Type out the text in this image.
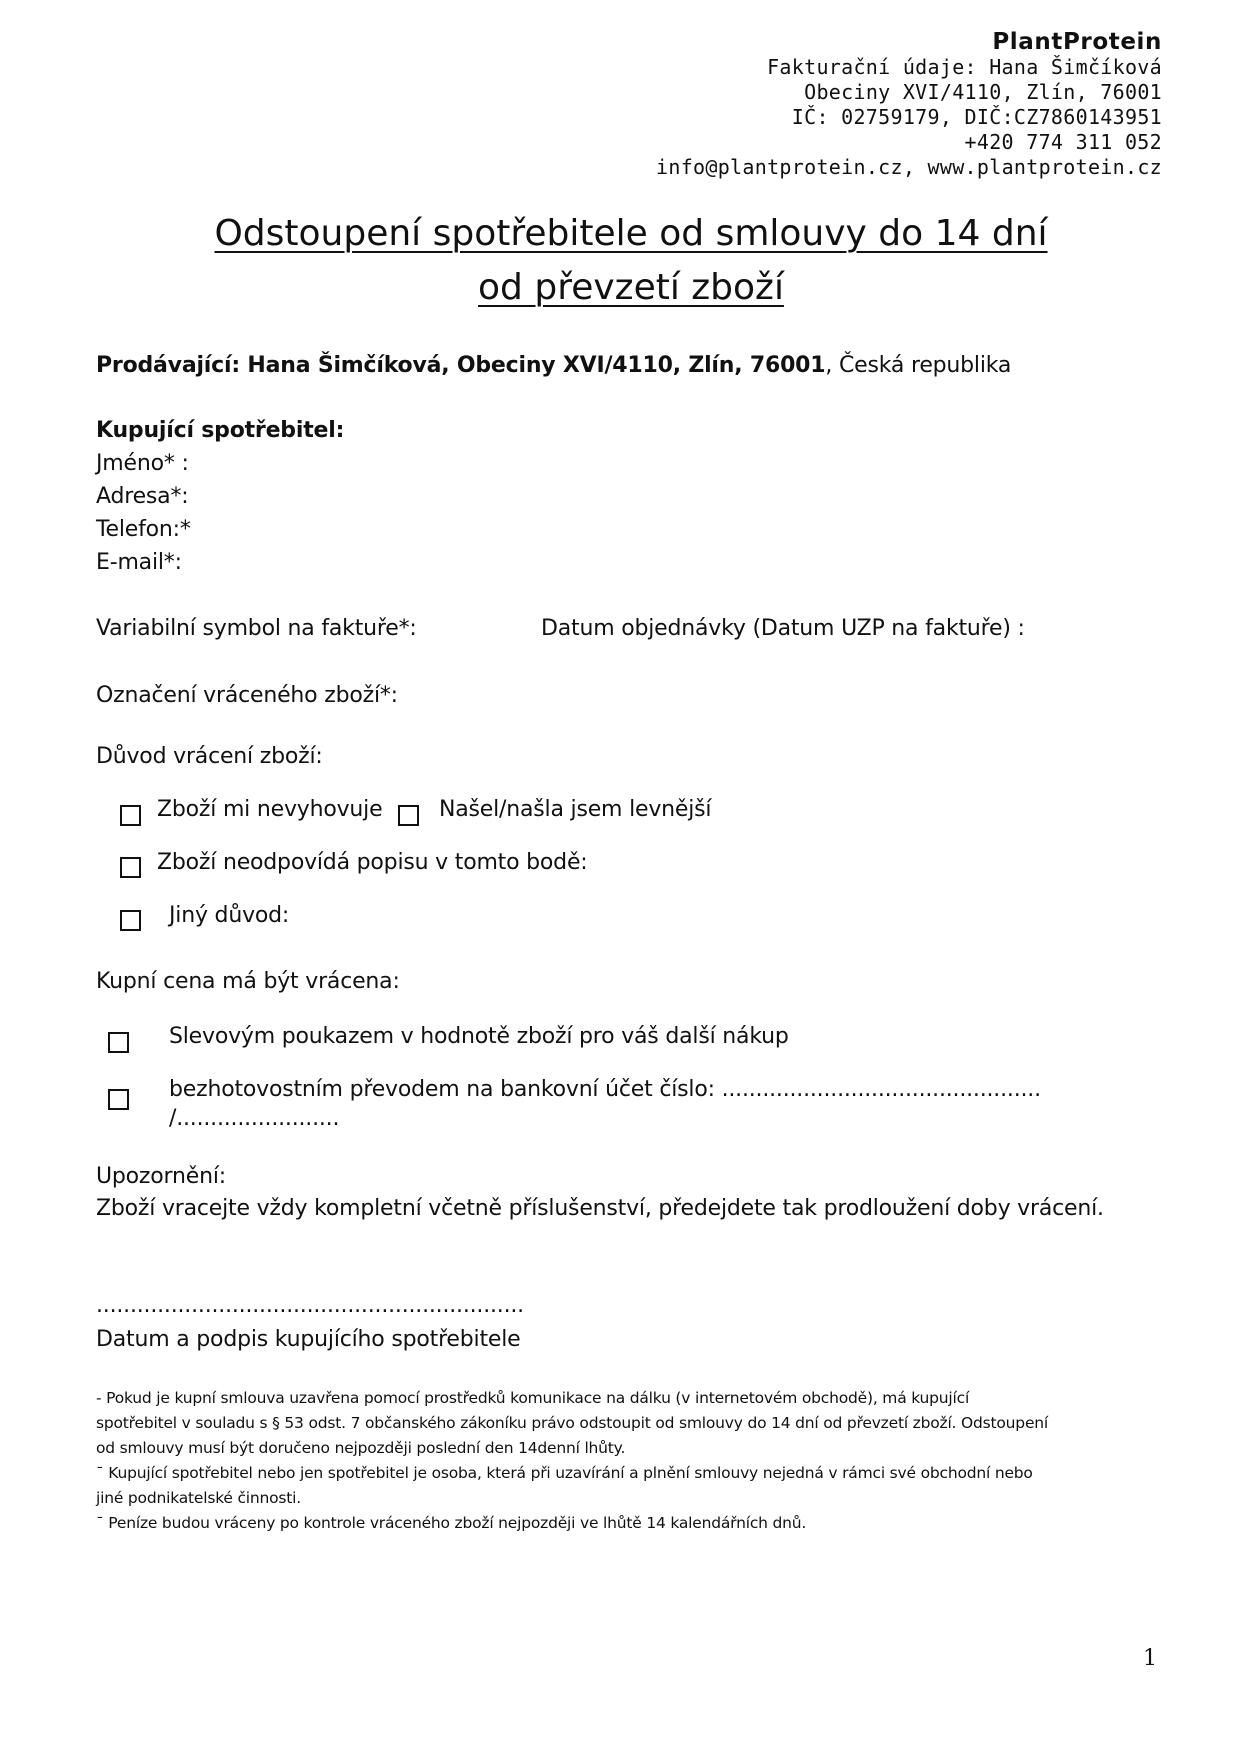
PlantProtein
Fakturační údaje: Hana Šimčíková
Obeciny XVI/4110, Zlín, 76001
IČ: 02759179, DIČ:CZ7860143951
+420 774 311 052
info@plantprotein.cz, www.plantprotein.cz
Odstoupení spotřebitele od smlouvy do 14 dní
od převzetí zboží
Prodávající: Hana Šimčíková, Obeciny XVI/4110, Zlín, 76001, Česká republika
Kupující spotřebitel:
Jméno* :
Adresa*:
Telefon:*
E-mail*:
Variabilní symbol na faktuře*:	Datum objednávky (Datum UZP na faktuře) :
Označení vráceného zboží*:
Důvod vrácení zboží:
Zboží mi nevyhovuje	Našel/našla jsem levnější
Zboží neodpovídá popisu v tomto bodě:
Jiný důvod:
Kupní cena má být vrácena:
Slevovým poukazem v hodnotě zboží pro váš další nákup
bezhotovostním převodem na bankovní účet číslo: ...............................................
/........................
Upozornění:
Zboží vracejte vždy kompletní včetně příslušenství, předejdete tak prodloužení doby vrácení.
...............................................................
Datum a podpis kupujícího spotřebitele
- Pokud je kupní smlouva uzavřena pomocí prostředků komunikace na dálku (v internetovém obchodě), má kupující
spotřebitel v souladu s § 53 odst. 7 občanského zákoníku právo odstoupit od smlouvy do 14 dní od převzetí zboží. Odstoupení
od smlouvy musí být doručeno nejpozději poslední den 14denní lhůty.
¯ Kupující spotřebitel nebo jen spotřebitel je osoba, která při uzavírání a plnění smlouvy nejedná v rámci své obchodní nebo
jiné podnikatelské činnosti.
¯ Peníze budou vráceny po kontrole vráceného zboží nejpozději ve lhůtě 14 kalendářních dnů.
1
